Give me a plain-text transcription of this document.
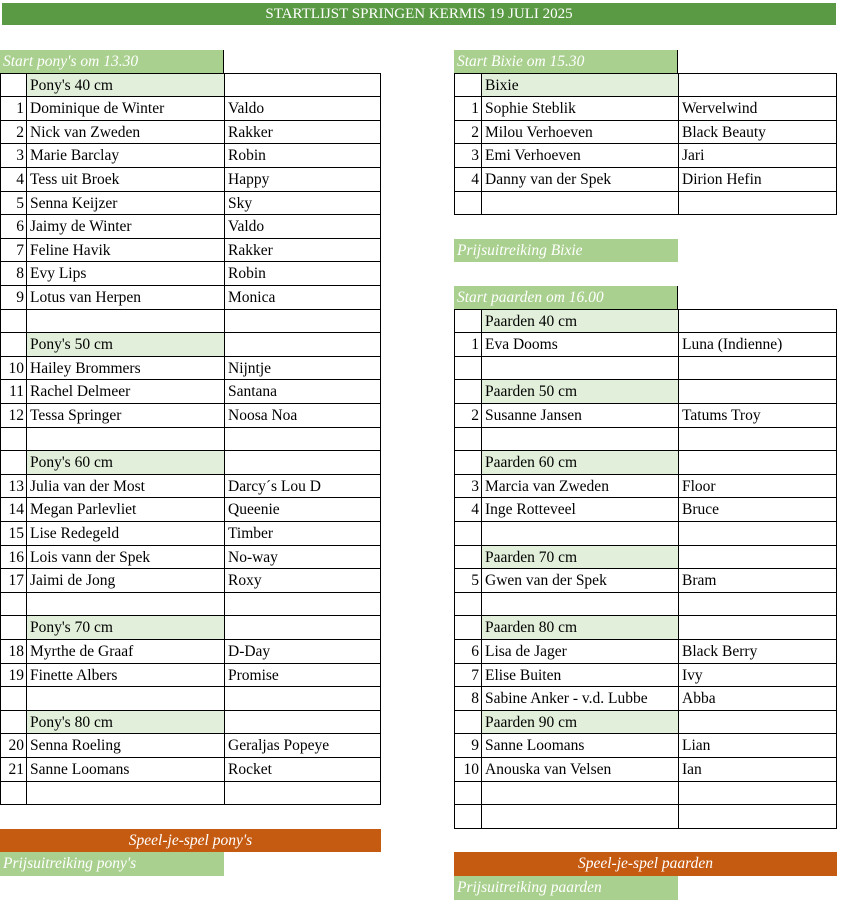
STARTLIJST SPRINGEN KERMIS 19 JULI 2025
Start pony's om 13.30
Pony's 40 cm
1 Dominique de Winter	Valdo
2 Nick van Zweden	Rakker
3 Marie Barclay	Robin
4 Tess uit Broek	Happy
5 Senna Keijzer	Sky
6 Jaimy de Winter	Valdo
7 Feline Havik	Rakker
8 Evy Lips	Robin
9 Lotus van Herpen	Monica
Pony's 50 cm
10 Hailey Brommers	Nijntje
11 Rachel Delmeer	Santana
12 Tessa Springer	Noosa Noa
Pony's 60 cm
13 Julia van der Most	Darcy´s Lou D
14 Megan Parlevliet	Queenie
15 Lise Redegeld	Timber
16 Lois vann der Spek	No-way
17 Jaimi de Jong	Roxy
Pony's 70 cm
18 Myrthe de Graaf	D-Day
19 Finette Albers	Promise
Pony's 80 cm
20 Senna Roeling	Geraljas Popeye
21 Sanne Loomans	Rocket
Speel-je-spel pony's
Prijsuitreiking pony's
Start Bixie om 15.30
Bixie
1 Sophie Steblik	Wervelwind
2 Milou Verhoeven	Black Beauty
3 Emi Verhoeven	Jari
4 Danny van der Spek	Dirion Hefin
Prijsuitreiking Bixie
Start paarden om 16.00
Paarden 40 cm
1 Eva Dooms	Luna (Indienne)
Paarden 50 cm
2 Susanne Jansen	Tatums Troy
Paarden 60 cm
3 Marcia van Zweden	Floor
4 Inge Rotteveel	Bruce
Paarden 70 cm
5 Gwen van der Spek	Bram
Paarden 80 cm
6 Lisa de Jager	Black Berry
7 Elise Buiten	Ivy
8 Sabine Anker - v.d. Lubbe	Abba
Paarden 90 cm
9 Sanne Loomans	Lian
10 Anouska van Velsen	Ian
Speel-je-spel paarden
Prijsuitreiking paarden
